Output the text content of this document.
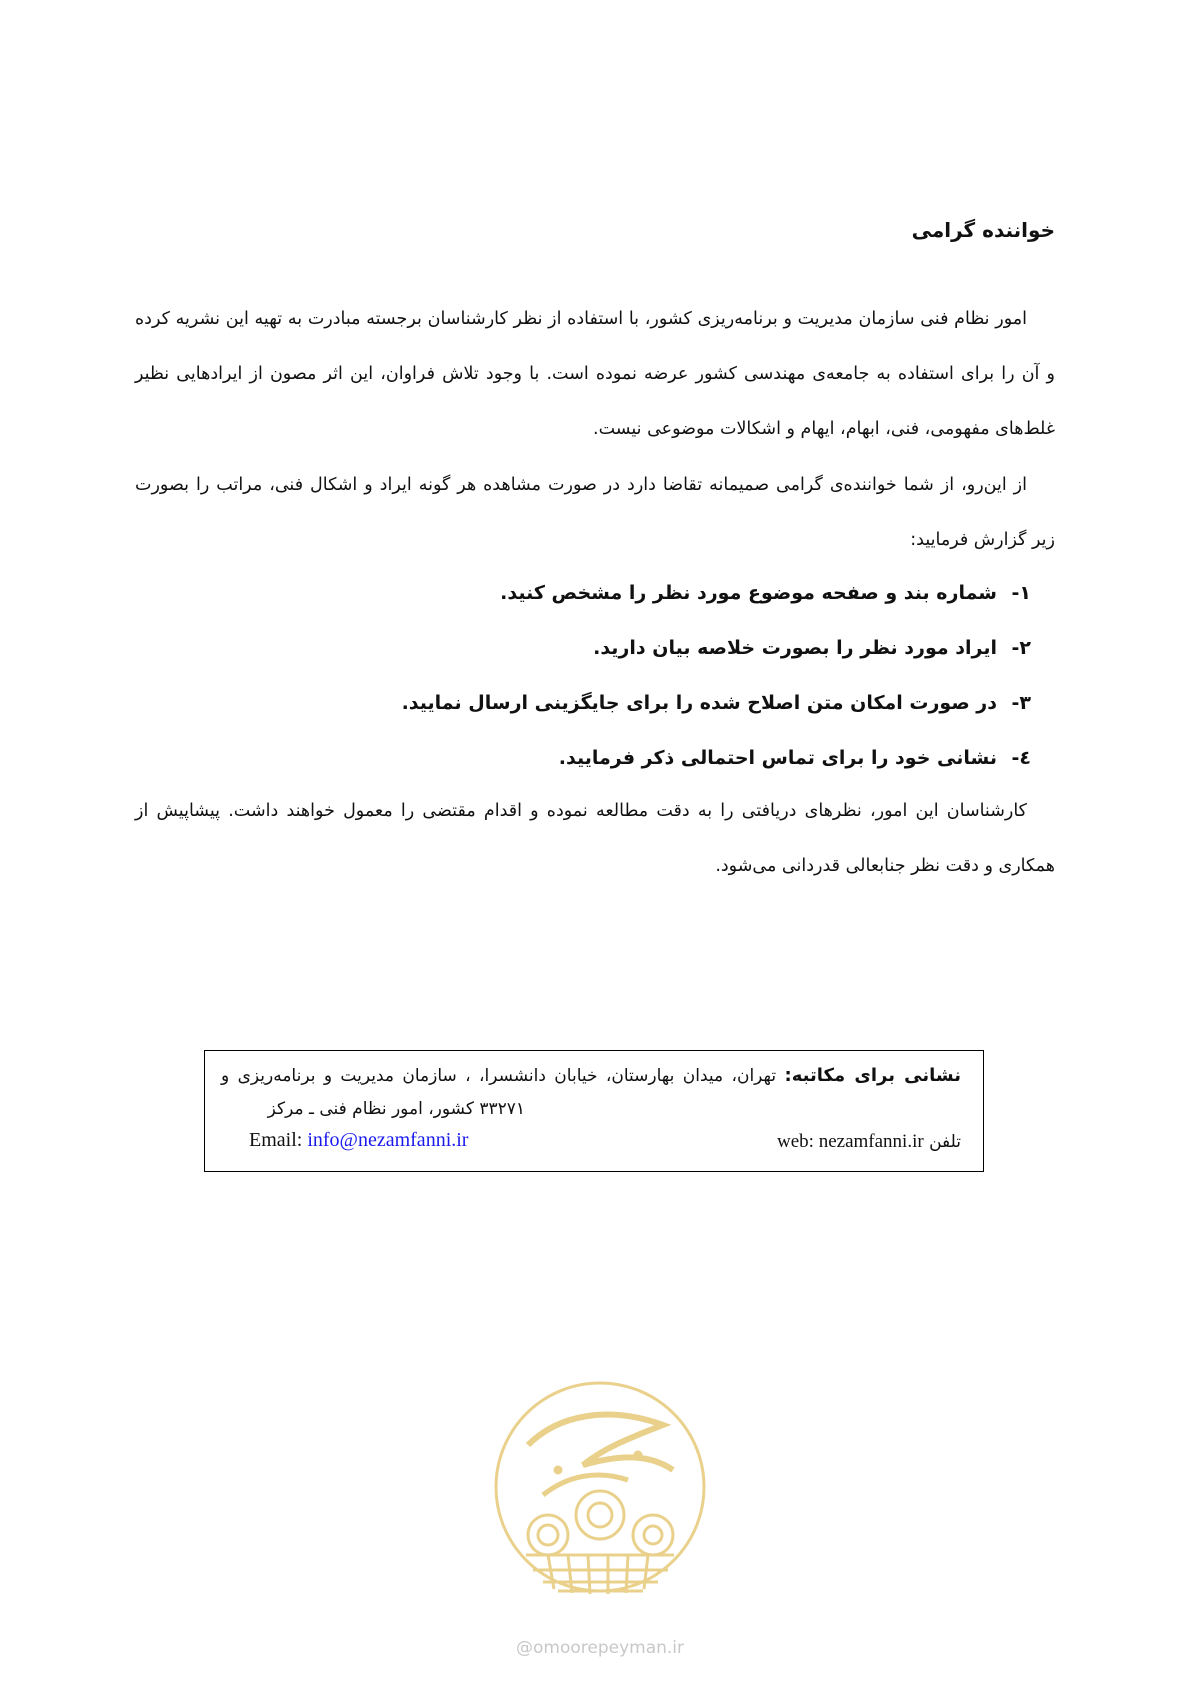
خواننده گرامی
امور نظام فنی سازمان مدیریت و برنامه‌ریزی کشور، با استفاده از نظر کارشناسان برجسته مبادرت به تهیه این نشریه کرده و آن را برای استفاده به جامعه‌ی مهندسی کشور عرضه نموده است. با وجود تلاش فراوان، این اثر مصون از ایرادهایی نظیر غلط‌های مفهومی، فنی، ابهام، ایهام و اشکالات موضوعی نیست.
از این‌رو، از شما خواننده‌ی گرامی صمیمانه تقاضا دارد در صورت مشاهده هر گونه ایراد و اشکال فنی، مراتب را بصورت زیر گزارش فرمایید:
۱-شماره بند و صفحه موضوع مورد نظر را مشخص کنید.
۲-ایراد مورد نظر را بصورت خلاصه بیان دارید.
۳-در صورت امکان متن اصلاح شده را برای جایگزینی ارسال نمایید.
٤-نشانی خود را برای تماس احتمالی ذکر فرمایید.
کارشناسان این امور، نظرهای دریافتی را به دقت مطالعه نموده و اقدام مقتضی را معمول خواهند داشت. پیشاپیش از همکاری و دقت نظر جنابعالی قدردانی می‌شود.
نشانی برای مکاتبه: تهران، میدان بهارستان، خیابان دانشسرا، ، سازمان مدیریت و برنامه‌ریزی و
۳۳۲۷۱ کشور، امور نظام فنی ـ مرکز
تلفن web: nezamfanni.ir
Email: info@nezamfanni.ir
@omoorepeyman.ir
